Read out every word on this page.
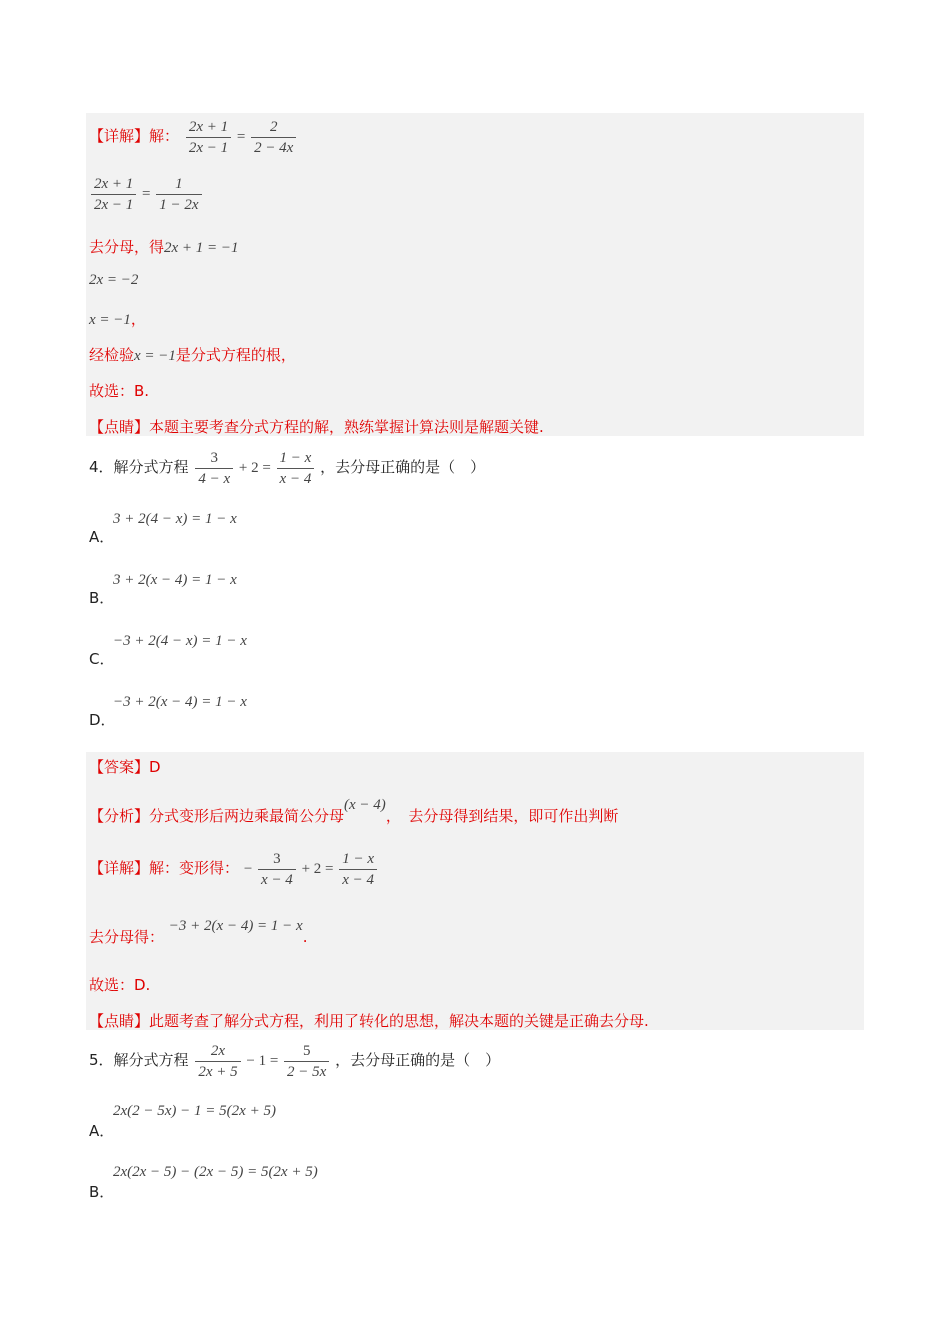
【详解】解： $\frac{2x + 1}{2x - 1} = \frac{2}{2 - 4x}$
$\frac{2x + 1}{2x - 1} = \frac{1}{1 - 2x}$
去分母，得2x + 1 = −1
2x = −2
x = −1，
经检验x = −1是分式方程的根，
故选：B.
【点睛】本题主要考查分式方程的解，熟练掌握计算法则是解题关键.
4．解分式方程 $\frac{3}{4 - x} + 2 = \frac{1 - x}{x - 4}$ ，去分母正确的是（　）
A．
3 + 2(4 − x) = 1 − x
B．
3 + 2(x − 4) = 1 − x
C．
−3 + 2(4 − x) = 1 − x
D．
−3 + 2(x − 4) = 1 − x
【答案】D
【分析】分式变形后两边乘最简公分母(x − 4)，　去分母得到结果，即可作出判断
【详解】解：变形得： − $\frac{3}{x - 4} + 2 = \frac{1 - x}{x - 4}$
去分母得： −3 + 2(x − 4) = 1 − x.
故选：D.
【点睛】此题考查了解分式方程，利用了转化的思想，解决本题的关键是正确去分母.
5．解分式方程 $\frac{2x}{2x + 5} - 1 = \frac{5}{2 - 5x}$ ，去分母正确的是（　）
A．
2x(2 − 5x) − 1 = 5(2x + 5)
B．
2x(2x − 5) − (2x − 5) = 5(2x + 5)
